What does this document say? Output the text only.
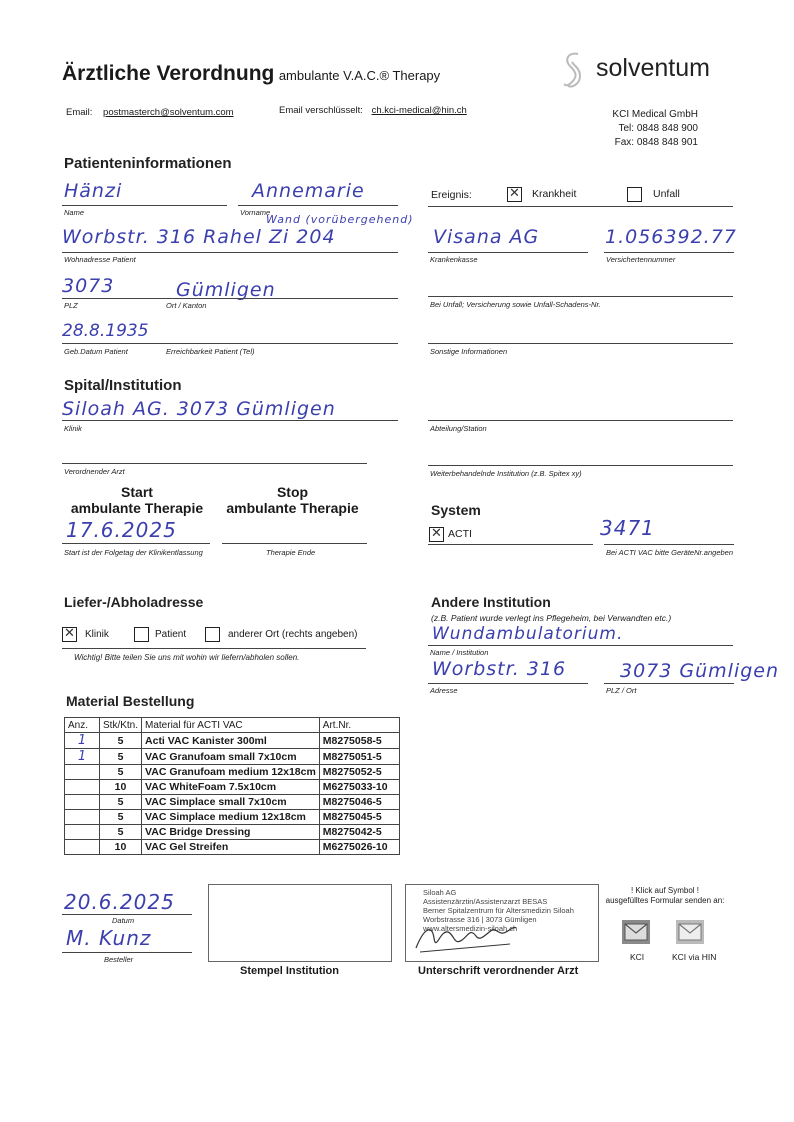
Ärztliche Verordnung ambulante V.A.C.® Therapy	solventum
Email: postmasterch@solventum.com	Email verschlüsselt: ch.kci-medical@hin.ch	KCI Medical GmbH
Tel: 0848 848 900
Fax: 0848 848 901
Patienteninformationen
Hänzi
Name
Annemarie
Vorname
Ereignis: ✕	Krankheit	Unfall
Wand (vorübergehend)
Worbstr. 316 Rahel Zi 204
Wohnadresse Patient
Visana AG
Krankenkasse
1.056392.77
Versichertennummer
3073	Gümligen
PLZ	Ort / Kanton	Bei Unfall; Versicherung sowie Unfall-Schadens-Nr.
28.8.1935
Geb.Datum Patient	Erreichbarkeit Patient (Tel)	Sonstige Informationen
Spital/Institution
Siloah AG. 3073 Gümligen
Klinik	Abteilung/Station
Verordnender Arzt	Weiterbehandelnde Institution (z.B. Spitex xy)
Start
ambulante Therapie
Stop
ambulante Therapie
17.6.2025
Start ist der Folgetag der Klinikentlassung	Therapie Ende
System
✕
ACTI	3471
Bei ACTI VAC bitte GeräteNr.angeben
Liefer-/Abholadresse
✕
Klinik	Patient	anderer Ort (rechts angeben)
Wichtig! Bitte teilen Sie uns mit wohin wir liefern/abholen sollen.
Andere Institution
(z.B. Patient wurde verlegt ins Pflegeheim, bei Verwandten etc.)
Wundambulatorium.
Name / Institution
Worbstr. 316	3073 Gümligen
Adresse	PLZ / Ort
Material Bestellung
Anz.	Stk/Ktn.	Material für ACTI VAC	Art.Nr.
1	5	Acti VAC Kanister 300ml	M8275058-5
1	5	VAC Granufoam small 7x10cm	M8275051-5
	5	VAC Granufoam medium 12x18cm	M8275052-5
	10	VAC WhiteFoam 7.5x10cm	M6275033-10
	5	VAC Simplace small 7x10cm	M8275046-5
	5	VAC Simplace medium 12x18cm	M8275045-5
	5	VAC Bridge Dressing	M8275042-5
	10	VAC Gel Streifen	M6275026-10
20.6.2025
Datum
M. Kunz
Besteller
Stempel Institution
Siloah AG
Assistenzärztin/Assistenzarzt BESAS
Berner Spitalzentrum für Altersmedizin Siloah
Worbstrasse 316 | 3073 Gümligen
www.altersmedizin-siloah.ch
Unterschrift verordnender Arzt
! Klick auf Symbol !
ausgefülltes Formular senden an:
KCI	KCI via HIN
